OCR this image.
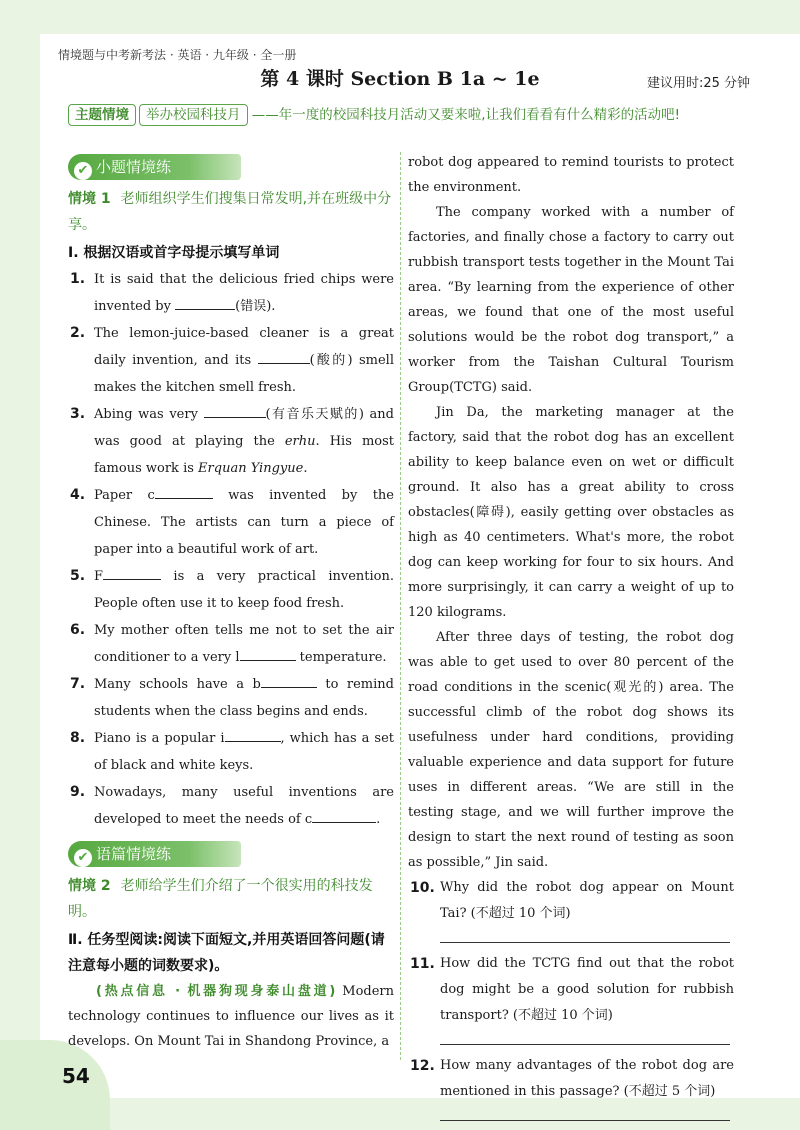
情境题与中考新考法 · 英语 · 九年级 · 全一册
第 4 课时 Section B 1a ~ 1e	建议用时:25 分钟
主题情境 举办校园科技月 ——年一度的校园科技月活动又要来啦,让我们看看有什么精彩的活动吧!
✔ 小题情境练
情境 1 老师组织学生们搜集日常发明,并在班级中分享。
Ⅰ. 根据汉语或首字母提示填写单词
1. It is said that the delicious fried chips were invented by	(错误).
2. The lemon-juice-based cleaner is a great daily invention, and its	(酸的) smell makes the kitchen smell fresh.
3. Abing was very	(有音乐天赋的) and was good at playing the erhu. His most famous work is Erquan Yingyue.
4. Paper c	was invented by the Chinese. The artists can turn a piece of paper into a beautiful work of art.
5. F	is a very practical invention. People often use it to keep food fresh.
6. My mother often tells me not to set the air conditioner to a very l	temperature.
7. Many schools have a b	to remind students when the class begins and ends.
8. Piano is a popular i	, which has a set of black and white keys.
9. Nowadays, many useful inventions are developed to meet the needs of c	.
✔ 语篇情境练
情境 2 老师给学生们介绍了一个很实用的科技发明。
Ⅱ. 任务型阅读:阅读下面短文,并用英语回答问题(请注意每小题的词数要求)。
(热点信息 · 机器狗现身泰山盘道) Modern technology continues to influence our lives as it develops. On Mount Tai in Shandong Province, a
robot dog appeared to remind tourists to protect the environment.
The company worked with a number of factories, and finally chose a factory to carry out rubbish transport tests together in the Mount Tai area. “By learning from the experience of other areas, we found that one of the most useful solutions would be the robot dog transport,” a worker from the Taishan Cultural Tourism Group(TCTG) said.
Jin Da, the marketing manager at the factory, said that the robot dog has an excellent ability to keep balance even on wet or difficult ground. It also has a great ability to cross obstacles(障碍), easily getting over obstacles as high as 40 centimeters. What's more, the robot dog can keep working for four to six hours. And more surprisingly, it can carry a weight of up to 120 kilograms.
After three days of testing, the robot dog was able to get used to over 80 percent of the road conditions in the scenic(观光的) area. The successful climb of the robot dog shows its usefulness under hard conditions, providing valuable experience and data support for future uses in different areas. “We are still in the testing stage, and we will further improve the design to start the next round of testing as soon as possible,” Jin said.
10. Why did the robot dog appear on Mount Tai? (不超过 10 个词)
11. How did the TCTG find out that the robot dog might be a good solution for rubbish transport? (不超过 10 个词)
12. How many advantages of the robot dog are mentioned in this passage? (不超过 5 个词)
54
